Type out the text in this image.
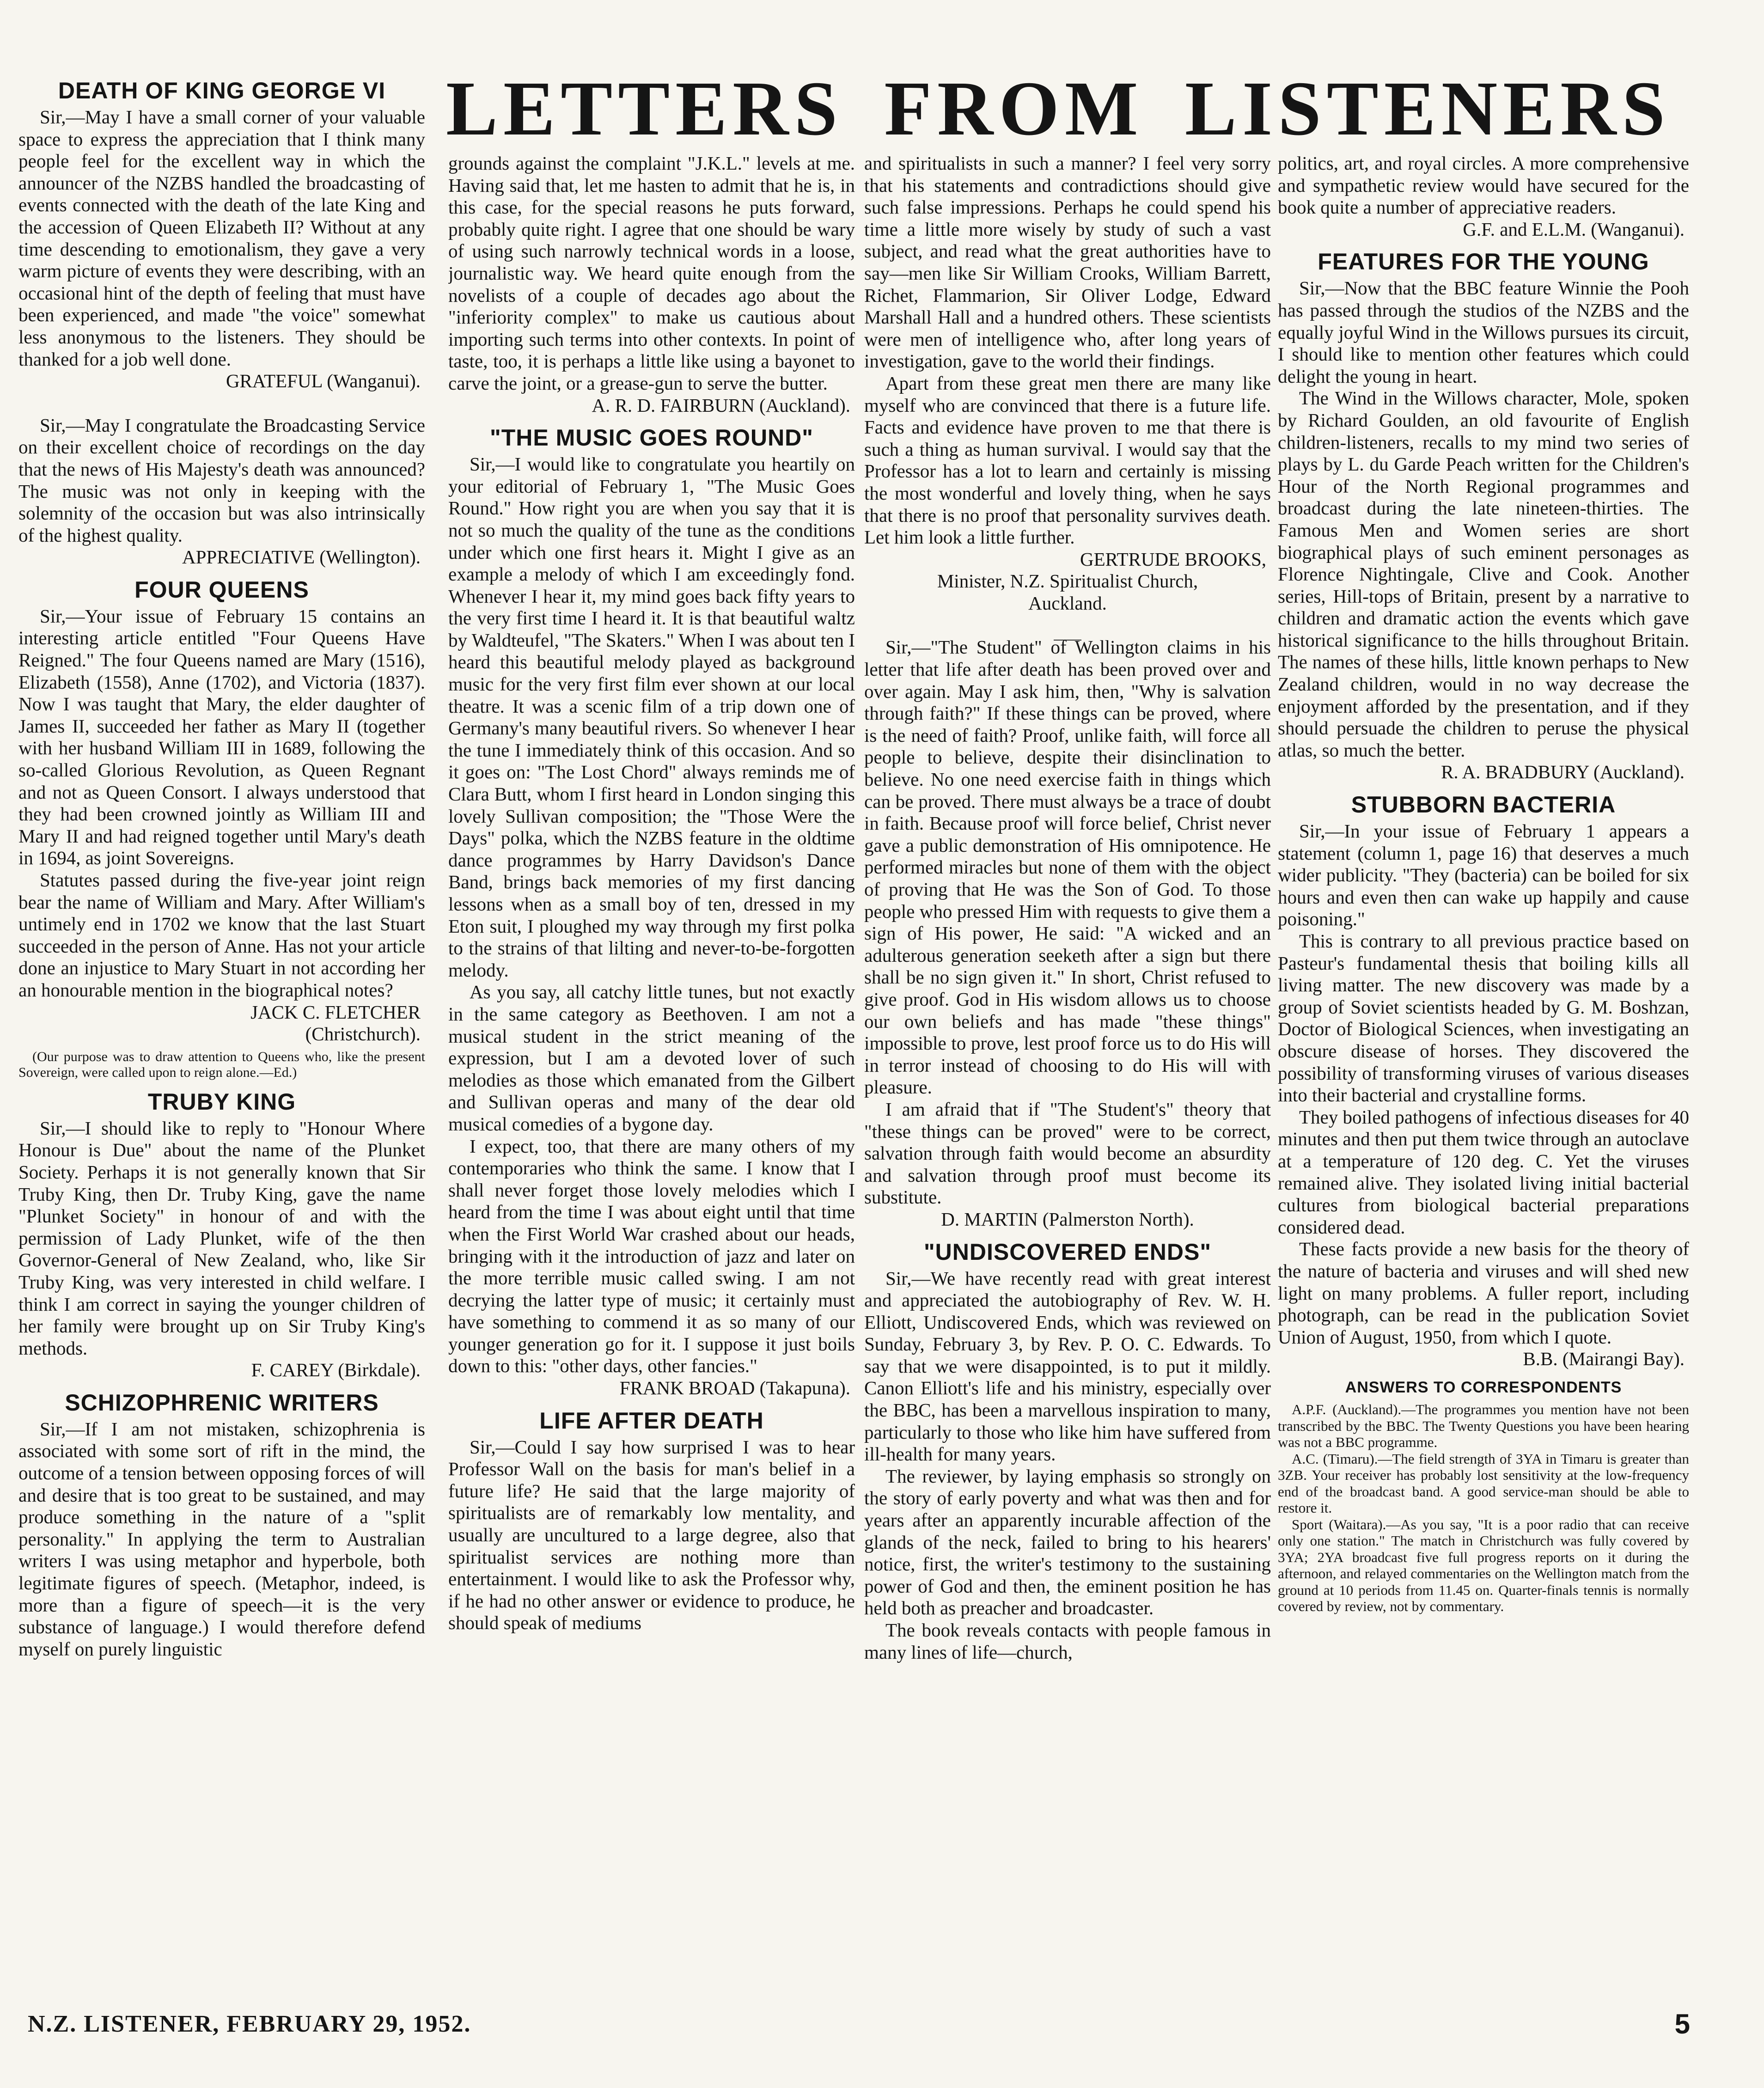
LETTERS FROM LISTENERS
DEATH OF KING GEORGE VI

Sir,—May I have a small corner of your valuable space to express the appreciation that I think many people feel for the excellent way in which the announcer of the NZBS handled the broadcasting of events connected with the death of the late King and the accession of Queen Elizabeth II? Without at any time descending to emotionalism, they gave a very warm picture of events they were describing, with an occasional hint of the depth of feeling that must have been experienced, and made "the voice" somewhat less anonymous to the listeners. They should be thanked for a job well done.

GRATEFUL (Wanganui).

Sir,—May I congratulate the Broadcasting Service on their excellent choice of recordings on the day that the news of His Majesty's death was announced? The music was not only in keeping with the solemnity of the occasion but was also intrinsically of the highest quality.

APPRECIATIVE (Wellington).

FOUR QUEENS

Sir,—Your issue of February 15 contains an interesting article entitled "Four Queens Have Reigned." The four Queens named are Mary (1516), Elizabeth (1558), Anne (1702), and Victoria (1837). Now I was taught that Mary, the elder daughter of James II, succeeded her father as Mary II (together with her husband William III in 1689, following the so-called Glorious Revolution, as Queen Regnant and not as Queen Consort. I always understood that they had been crowned jointly as William III and Mary II and had reigned together until Mary's death in 1694, as joint Sovereigns.

Statutes passed during the five-year joint reign bear the name of William and Mary. After William's untimely end in 1702 we know that the last Stuart succeeded in the person of Anne. Has not your article done an injustice to Mary Stuart in not according her an honourable mention in the biographical notes?

JACK C. FLETCHER

(Christchurch).

(Our purpose was to draw attention to Queens who, like the present Sovereign, were called upon to reign alone.—Ed.)

TRUBY KING

Sir,—I should like to reply to "Honour Where Honour is Due" about the name of the Plunket Society. Perhaps it is not generally known that Sir Truby King, then Dr. Truby King, gave the name "Plunket Society" in honour of and with the permission of Lady Plunket, wife of the then Governor-General of New Zealand, who, like Sir Truby King, was very interested in child welfare. I think I am correct in saying the younger children of her family were brought up on Sir Truby King's methods.

F. CAREY (Birkdale).

SCHIZOPHRENIC WRITERS

Sir,—If I am not mistaken, schizophrenia is associated with some sort of rift in the mind, the outcome of a tension between opposing forces of will and desire that is too great to be sustained, and may produce something in the nature of a "split personality." In applying the term to Australian writers I was using metaphor and hyperbole, both legitimate figures of speech. (Metaphor, indeed, is more than a figure of speech—it is the very substance of language.) I would therefore defend myself on purely linguistic

grounds against the complaint "J.K.L." levels at me. Having said that, let me hasten to admit that he is, in this case, for the special reasons he puts forward, probably quite right. I agree that one should be wary of using such narrowly technical words in a loose, journalistic way. We heard quite enough from the novelists of a couple of decades ago about the "inferiority complex" to make us cautious about importing such terms into other contexts. In point of taste, too, it is perhaps a little like using a bayonet to carve the joint, or a grease-gun to serve the butter.

A. R. D. FAIRBURN (Auckland).

"THE MUSIC GOES ROUND"

Sir,—I would like to congratulate you heartily on your editorial of February 1, "The Music Goes Round." How right you are when you say that it is not so much the quality of the tune as the conditions under which one first hears it. Might I give as an example a melody of which I am exceedingly fond. Whenever I hear it, my mind goes back fifty years to the very first time I heard it. It is that beautiful waltz by Waldteufel, "The Skaters." When I was about ten I heard this beautiful melody played as background music for the very first film ever shown at our local theatre. It was a scenic film of a trip down one of Germany's many beautiful rivers. So whenever I hear the tune I immediately think of this occasion. And so it goes on: "The Lost Chord" always reminds me of Clara Butt, whom I first heard in London singing this lovely Sullivan composition; the "Those Were the Days" polka, which the NZBS feature in the oldtime dance programmes by Harry Davidson's Dance Band, brings back memories of my first dancing lessons when as a small boy of ten, dressed in my Eton suit, I ploughed my way through my first polka to the strains of that lilting and never-to-be-forgotten melody.

As you say, all catchy little tunes, but not exactly in the same category as Beethoven. I am not a musical student in the strict meaning of the expression, but I am a devoted lover of such melodies as those which emanated from the Gilbert and Sullivan operas and many of the dear old musical comedies of a bygone day.

I expect, too, that there are many others of my contemporaries who think the same. I know that I shall never forget those lovely melodies which I heard from the time I was about eight until that time when the First World War crashed about our heads, bringing with it the introduction of jazz and later on the more terrible music called swing. I am not decrying the latter type of music; it certainly must have something to commend it as so many of our younger generation go for it. I suppose it just boils down to this: "other days, other fancies."

FRANK BROAD (Takapuna).

LIFE AFTER DEATH

Sir,—Could I say how surprised I was to hear Professor Wall on the basis for man's belief in a future life? He said that the large majority of spiritualists are of remarkably low mentality, and usually are uncultured to a large degree, also that spiritualist services are nothing more than entertainment. I would like to ask the Professor why, if he had no other answer or evidence to produce, he should speak of mediums

and spiritualists in such a manner? I feel very sorry that his statements and contradictions should give such false impressions. Perhaps he could spend his time a little more wisely by study of such a vast subject, and read what the great authorities have to say—men like Sir William Crooks, William Barrett, Richet, Flammarion, Sir Oliver Lodge, Edward Marshall Hall and a hundred others. These scientists were men of intelligence who, after long years of investigation, gave to the world their findings.

Apart from these great men there are many like myself who are convinced that there is a future life. Facts and evidence have proven to me that there is such a thing as human survival. I would say that the Professor has a lot to learn and certainly is missing the most wonderful and lovely thing, when he says that there is no proof that personality survives death. Let him look a little further.

GERTRUDE BROOKS,

Minister, N.Z. Spiritualist Church,

Auckland.

Sir,—"The Student" of Wellington claims in his letter that life after death has been proved over and over again. May I ask him, then, "Why is salvation through faith?" If these things can be proved, where is the need of faith? Proof, unlike faith, will force all people to believe, despite their disinclination to believe. No one need exercise faith in things which can be proved. There must always be a trace of doubt in faith. Because proof will force belief, Christ never gave a public demonstration of His omnipotence. He performed miracles but none of them with the object of proving that He was the Son of God. To those people who pressed Him with requests to give them a sign of His power, He said: "A wicked and an adulterous generation seeketh after a sign but there shall be no sign given it." In short, Christ refused to give proof. God in His wisdom allows us to choose our own beliefs and has made "these things" impossible to prove, lest proof force us to do His will in terror instead of choosing to do His will with pleasure.

I am afraid that if "The Student's" theory that "these things can be proved" were to be correct, salvation through faith would become an absurdity and salvation through proof must become its substitute.

D. MARTIN (Palmerston North).

"UNDISCOVERED ENDS"

Sir,—We have recently read with great interest and appreciated the autobiography of Rev. W. H. Elliott, Undiscovered Ends, which was reviewed on Sunday, February 3, by Rev. P. O. C. Edwards. To say that we were disappointed, is to put it mildly. Canon Elliott's life and his ministry, especially over the BBC, has been a marvellous inspiration to many, particularly to those who like him have suffered from ill-health for many years.

The reviewer, by laying emphasis so strongly on the story of early poverty and what was then and for years after an apparently incurable affection of the glands of the neck, failed to bring to his hearers' notice, first, the writer's testimony to the sustaining power of God and then, the eminent position he has held both as preacher and broadcaster.

The book reveals contacts with people famous in many lines of life—church,

politics, art, and royal circles. A more comprehensive and sympathetic review would have secured for the book quite a number of appreciative readers.

G.F. and E.L.M. (Wanganui).

FEATURES FOR THE YOUNG

Sir,—Now that the BBC feature Winnie the Pooh has passed through the studios of the NZBS and the equally joyful Wind in the Willows pursues its circuit, I should like to mention other features which could delight the young in heart.

The Wind in the Willows character, Mole, spoken by Richard Goulden, an old favourite of English children-listeners, recalls to my mind two series of plays by L. du Garde Peach written for the Children's Hour of the North Regional programmes and broadcast during the late nineteen-thirties. The Famous Men and Women series are short biographical plays of such eminent personages as Florence Nightingale, Clive and Cook. Another series, Hill-tops of Britain, present by a narrative to children and dramatic action the events which gave historical significance to the hills throughout Britain. The names of these hills, little known perhaps to New Zealand children, would in no way decrease the enjoyment afforded by the presentation, and if they should persuade the children to peruse the physical atlas, so much the better.

R. A. BRADBURY (Auckland).

STUBBORN BACTERIA

Sir,—In your issue of February 1 appears a statement (column 1, page 16) that deserves a much wider publicity. "They (bacteria) can be boiled for six hours and even then can wake up happily and cause poisoning."

This is contrary to all previous practice based on Pasteur's fundamental thesis that boiling kills all living matter. The new discovery was made by a group of Soviet scientists headed by G. M. Boshzan, Doctor of Biological Sciences, when investigating an obscure disease of horses. They discovered the possibility of transforming viruses of various diseases into their bacterial and crystalline forms.

They boiled pathogens of infectious diseases for 40 minutes and then put them twice through an autoclave at a temperature of 120 deg. C. Yet the viruses remained alive. They isolated living initial bacterial cultures from biological bacterial preparations considered dead.

These facts provide a new basis for the theory of the nature of bacteria and viruses and will shed new light on many problems. A fuller report, including photograph, can be read in the publication Soviet Union of August, 1950, from which I quote.

B.B. (Mairangi Bay).

ANSWERS TO CORRESPONDENTS

A.P.F. (Auckland).—The programmes you mention have not been transcribed by the BBC. The Twenty Questions you have been hearing was not a BBC programme.

A.C. (Timaru).—The field strength of 3YA in Timaru is greater than 3ZB. Your receiver has probably lost sensitivity at the low-frequency end of the broadcast band. A good service-man should be able to restore it.

Sport (Waitara).—As you say, "It is a poor radio that can receive only one station." The match in Christchurch was fully covered by 3YA; 2YA broadcast five full progress reports on it during the afternoon, and relayed commentaries on the Wellington match from the ground at 10 periods from 11.45 on. Quarter-finals tennis is normally covered by review, not by commentary.

N.Z. LISTENER, FEBRUARY 29, 1952.	5
